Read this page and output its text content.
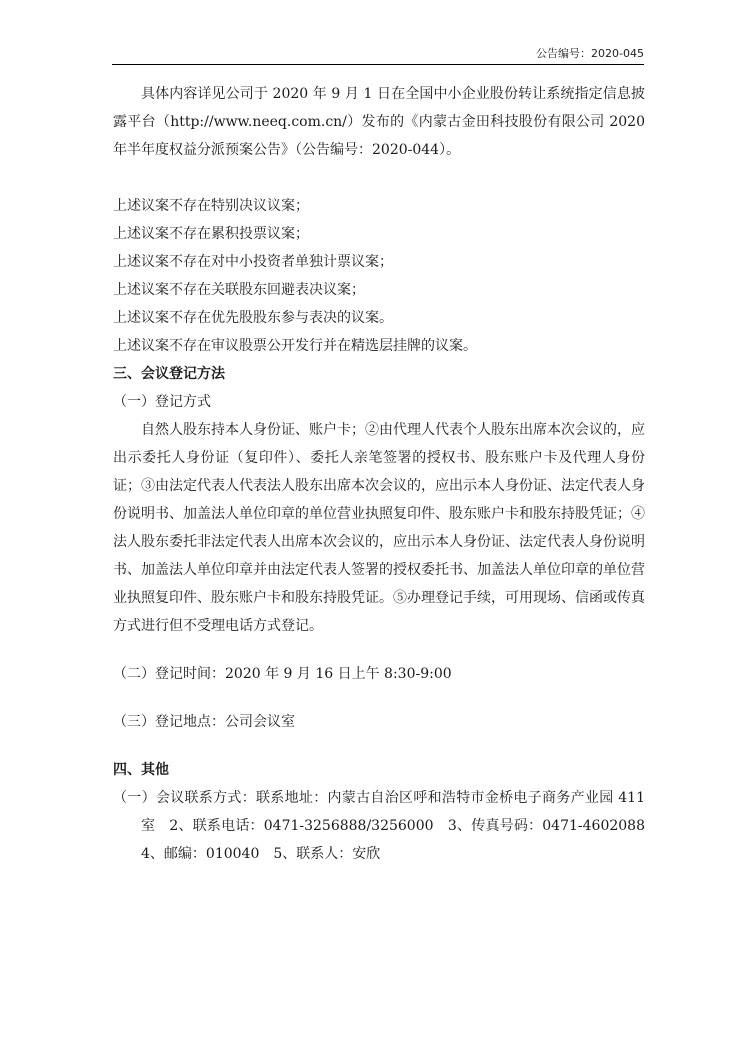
公告编号：2020-045

具体内容详见公司于 2020 年 9 月 1 日在全国中小企业股份转让系统指定信息披露平台（http://www.neeq.com.cn/）发布的《内蒙古金田科技股份有限公司 2020 年半年度权益分派预案公告》（公告编号：2020-044）。

上述议案不存在特别决议议案；

上述议案不存在累积投票议案；

上述议案不存在对中小投资者单独计票议案；

上述议案不存在关联股东回避表决议案；

上述议案不存在优先股股东参与表决的议案。

上述议案不存在审议股票公开发行并在精选层挂牌的议案。

三、会议登记方法

（一）登记方式

自然人股东持本人身份证、账户卡；②由代理人代表个人股东出席本次会议的，应出示委托人身份证（复印件）、委托人亲笔签署的授权书、股东账户卡及代理人身份证；③由法定代表人代表法人股东出席本次会议的，应出示本人身份证、法定代表人身份说明书、加盖法人单位印章的单位营业执照复印件、股东账户卡和股东持股凭证；④法人股东委托非法定代表人出席本次会议的，应出示本人身份证、法定代表人身份说明书、加盖法人单位印章并由法定代表人签署的授权委托书、加盖法人单位印章的单位营业执照复印件、股东账户卡和股东持股凭证。⑤办理登记手续，可用现场、信函或传真方式进行但不受理电话方式登记。

（二）登记时间：2020 年 9 月 16 日上午 8:30-9:00

（三）登记地点：公司会议室

四、其他

（一）会议联系方式：联系地址：内蒙古自治区呼和浩特市金桥电子商务产业园 411 室　2、联系电话：0471-3256888/3256000　3、传真号码：0471-4602088　4、邮编：010040　5、联系人：安欣
